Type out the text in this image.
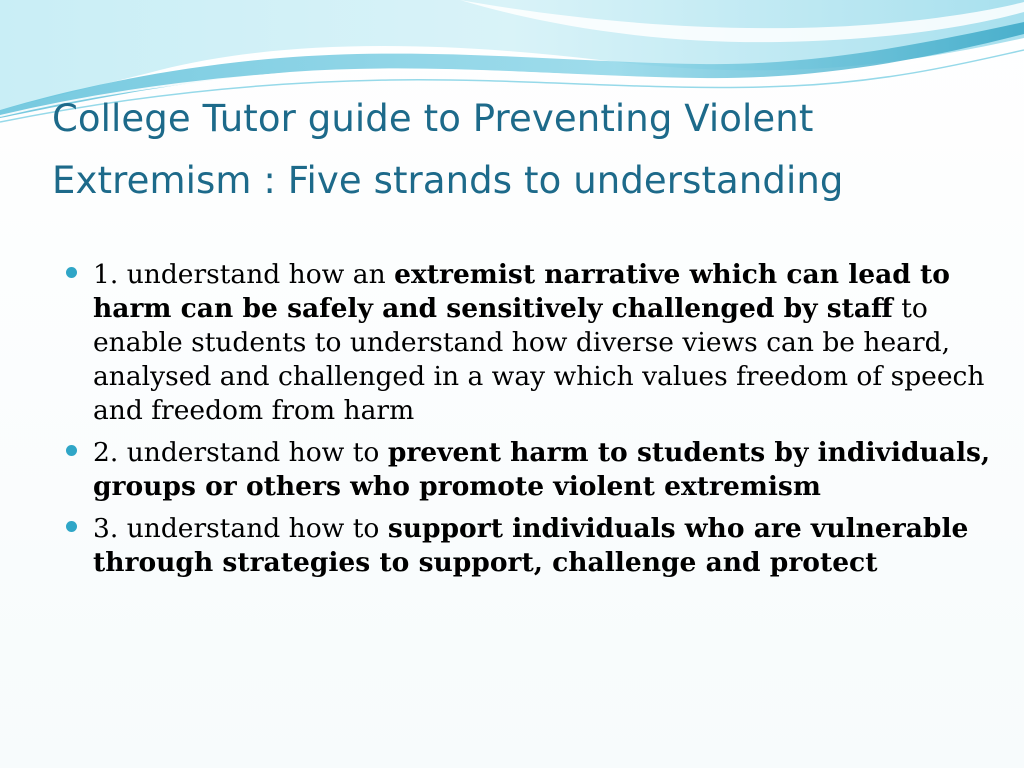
College Tutor guide to Preventing Violent
Extremism : Five strands to understanding
1. understand how an extremist narrative which can lead to harm can be safely and sensitively challenged by staff to enable students to understand how diverse views can be heard, analysed and challenged in a way which values freedom of speech and freedom from harm
2. understand how to prevent harm to students by individuals, groups or others who promote violent extremism
3. understand how to support individuals who are vulnerable through strategies to support, challenge and protect
